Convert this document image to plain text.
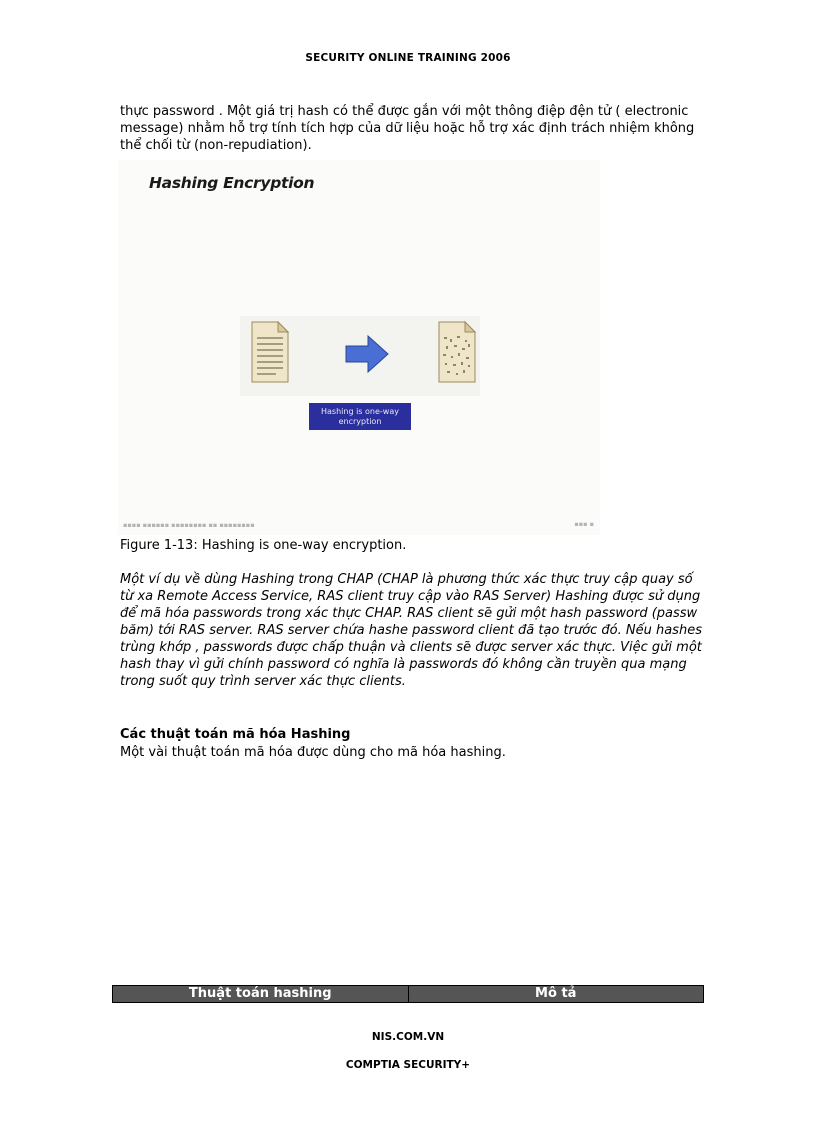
SECURITY ONLINE TRAINING 2006

thực password . Một giá trị hash có thể được gắn với một thông điệp đện tử ( electronic message) nhằm hỗ trợ tính tích hợp của dữ liệu hoặc hỗ trợ xác định trách nhiệm không thể chối từ (non-repudiation).

Hashing Encryption
Hashing is one-way encryption
▪▪▪▪ ▪▪▪▪▪▪ ▪▪▪▪▪▪▪▪ ▪▪ ▪▪▪▪▪▪▪▪	▪▪▪ ▪
Figure 1-13: Hashing is one-way encryption.

Một ví dụ về dùng Hashing trong CHAP (CHAP là phương thức xác thực truy cập quay số từ xa Remote Access Service, RAS client truy cập vào RAS Server) Hashing được sử dụng để mã hóa passwords trong xác thực CHAP. RAS client sẽ gửi một hash password (passw băm) tới RAS server. RAS server chứa hashe password client đã tạo trước đó. Nếu hashes trùng khớp , passwords được chấp thuận và clients sẽ được server xác thực. Việc gửi một hash thay vì gửi chính password có nghĩa là passwords đó không cần truyền qua mạng trong suốt quy trình server xác thực clients.

Các thuật toán mã hóa Hashing

Một vài thuật toán mã hóa được dùng cho mã hóa hashing.

Thuật toán hashing	Mô tả
NIS.COM.VN
COMPTIA SECURITY+
